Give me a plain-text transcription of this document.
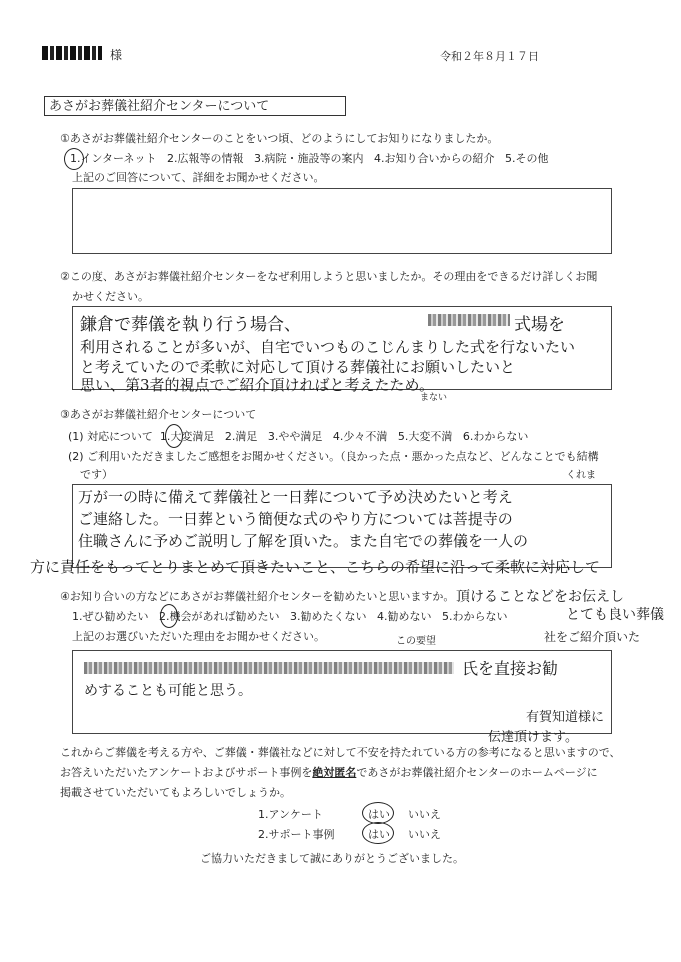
様	令和２年８月１７日
あさがお葬儀社紹介センターについて
①あさがお葬儀社紹介センターのことをいつ頃、どのようにしてお知りになりましたか。
1.インターネット 2.広報等の情報 3.病院・施設等の案内 4.お知り合いからの紹介 5.その他
上記のご回答について、詳細をお聞かせください。
②この度、あさがお葬儀社紹介センターをなぜ利用しようと思いましたか。その理由をできるだけ詳しくお聞
かせください。
鎌倉で葬儀を執り行う場合、	式場を
利用されることが多いが、自宅でいつものこじんまりした式を行ないたい
と考えていたので柔軟に対応して頂ける葬儀社にお願いしたいと
思い、第3者的視点でご紹介頂ければと考えたため。
まない
③あさがお葬儀社紹介センターについて
(1) 対応について 1.大変満足 2.満足 3.やや満足 4.少々不満 5.大変不満 6.わからない
(2) ご利用いただきましたご感想をお聞かせください。（良かった点・悪かった点など、どんなことでも結構
です）	くれま
万が一の時に備えて葬儀社と一日葬について予め決めたいと考え
ご連絡した。一日葬という簡便な式のやり方については菩提寺の
住職さんに予めご説明し了解を頂いた。また自宅での葬儀を一人の
方に責任をもってとりまとめて頂きたいこと、こちらの希望に沿って柔軟に対応して
④お知り合いの方などにあさがお葬儀社紹介センターを勧めたいと思いますか。 頂けることなどをお伝えし
1.ぜひ勧めたい 2.機会があれば勧めたい 3.勧めたくない 4.勧めない 5.わからない	とても良い葬儀
上記のお選びいただいた理由をお聞かせください。	社をご紹介頂いた
この要望
氏を直接お勧
めすることも可能と思う。
有賀知道様に
伝達頂けます。
これからご葬儀を考える方や、ご葬儀・葬儀社などに対して不安を持たれている方の参考になると思いますので、
お答えいただいたアンケートおよびサポート事例を絶対匿名であさがお葬儀社紹介センターのホームページに
掲載させていただいてもよろしいでしょうか。
1.アンケート	はい いいえ
2.サポート事例	はい いいえ
ご協力いただきまして誠にありがとうございました。
